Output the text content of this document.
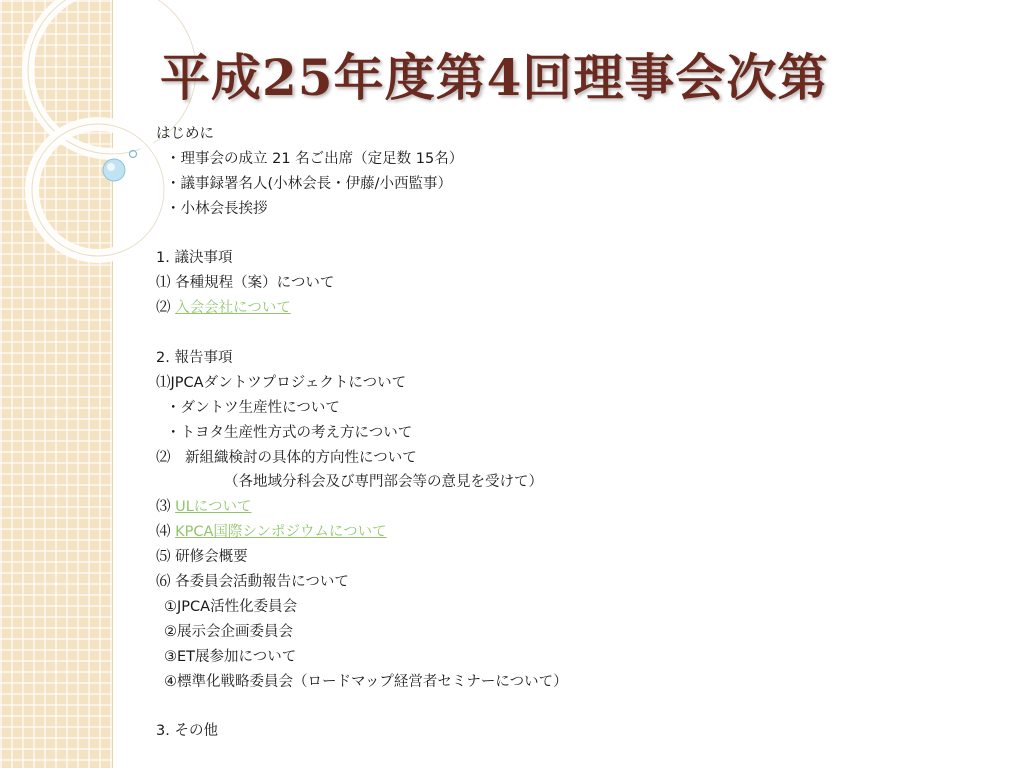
平成25年度第4回理事会次第
はじめに
・理事会の成立 21 名ご出席（定足数 15名）
・議事録署名人(小林会長・伊藤/小西監事）
・小林会長挨拶
1. 議決事項
⑴ 各種規程（案）について
⑵ 入会会社について
2. 報告事項
⑴JPCAダントツプロジェクトについて
・ダントツ生産性について
・トヨタ生産性方式の考え方について
⑵　新組織検討の具体的方向性について
（各地域分科会及び専門部会等の意見を受けて）
⑶ ULについて
⑷ KPCA国際シンポジウムについて
⑸ 研修会概要
⑹ 各委員会活動報告について
①JPCA活性化委員会
②展示会企画委員会
③ET展参加について
④標準化戦略委員会（ロードマップ経営者セミナーについて）
3. その他
